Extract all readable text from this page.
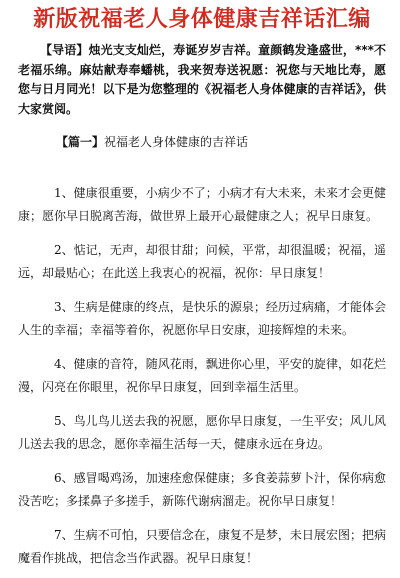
新版祝福老人身体健康吉祥话汇编
【导语】烛光支支灿烂，寿诞岁岁吉祥。童颜鹤发逢盛世，***不老福乐绵。麻姑献寿奉蟠桃，我来贺寿送祝愿：祝您与天地比寿，愿您与日月同光！以下是为您整理的《祝福老人身体健康的吉祥话》，供大家赏阅。
【篇一】祝福老人身体健康的吉祥话

1、健康很重要，小病少不了；小病才有大未来，未来才会更健康；愿你早日脱离苦海，做世界上最开心最健康之人；祝早日康复。

2、惦记，无声，却很甘甜；问候，平常，却很温暖；祝福，遥远，却最贴心；在此送上我衷心的祝福，祝你：早日康复！

3、生病是健康的终点，是快乐的源泉；经历过病痛，才能体会人生的幸福；幸福等着你，祝愿你早日安康，迎接辉煌的未来。

4、健康的音符，随风花雨，飘进你心里，平安的旋律，如花烂漫，闪亮在你眼里，祝你早日康复，回到幸福生活里。

5、鸟儿鸟儿送去我的祝愿，愿你早日康复，一生平安；风儿风儿送去我的思念，愿你幸福生活每一天，健康永远在身边。

6、感冒喝鸡汤，加速痊愈保健康；多食姜蒜萝卜汁，保你病愈没苦吃；多揉鼻子多搓手，新陈代谢病溜走。祝你早日康复！

7、生病不可怕，只要信念在，康复不是梦，未日展宏图；把病魔看作挑战，把信念当作武器。祝早日康复！
